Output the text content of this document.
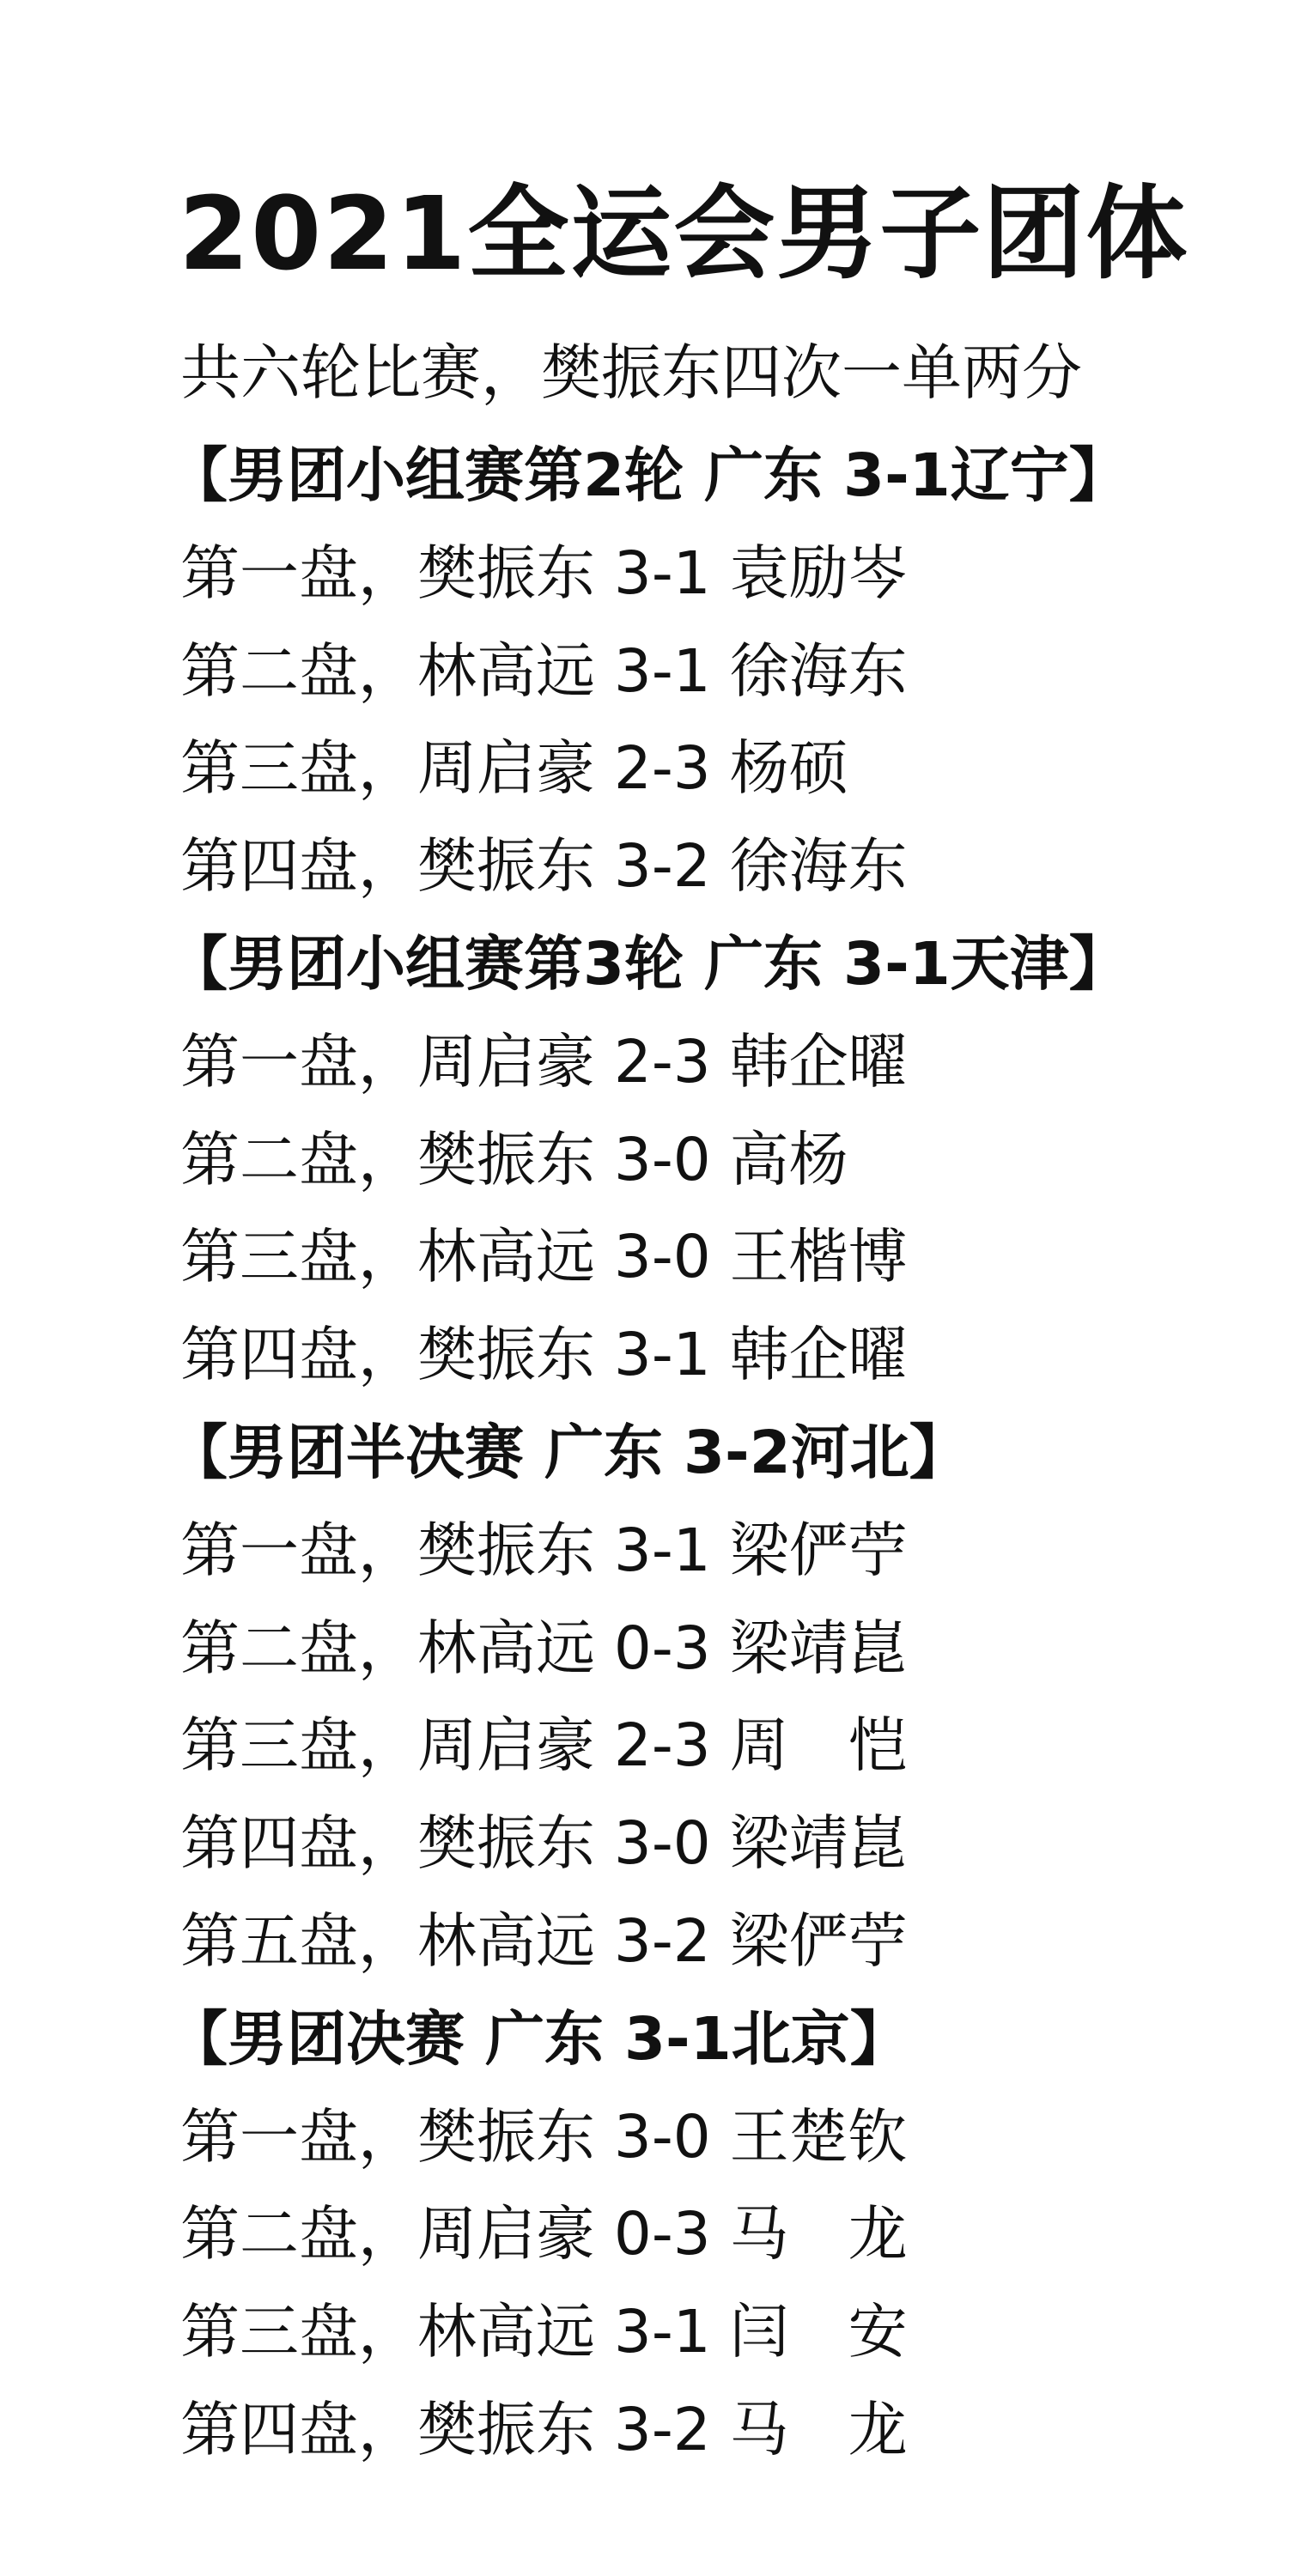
2021全运会男子团体
共六轮比赛，樊振东四次一单两分
【男团小组赛第2轮 广东 3-1辽宁】
第一盘，樊振东 3-1 袁励岑
第二盘，林高远 3-1 徐海东
第三盘，周启豪 2-3 杨硕
第四盘，樊振东 3-2 徐海东
【男团小组赛第3轮 广东 3-1天津】
第一盘，周启豪 2-3 韩企曜
第二盘，樊振东 3-0 高杨
第三盘，林高远 3-0 王楷博
第四盘，樊振东 3-1 韩企曜
【男团半决赛 广东 3-2河北】
第一盘，樊振东 3-1 梁俨苧
第二盘，林高远 0-3 梁靖崑
第三盘，周启豪 2-3 周　恺
第四盘，樊振东 3-0 梁靖崑
第五盘，林高远 3-2 梁俨苧
【男团决赛 广东 3-1北京】
第一盘，樊振东 3-0 王楚钦
第二盘，周启豪 0-3 马　龙
第三盘，林高远 3-1 闫　安
第四盘，樊振东 3-2 马　龙
